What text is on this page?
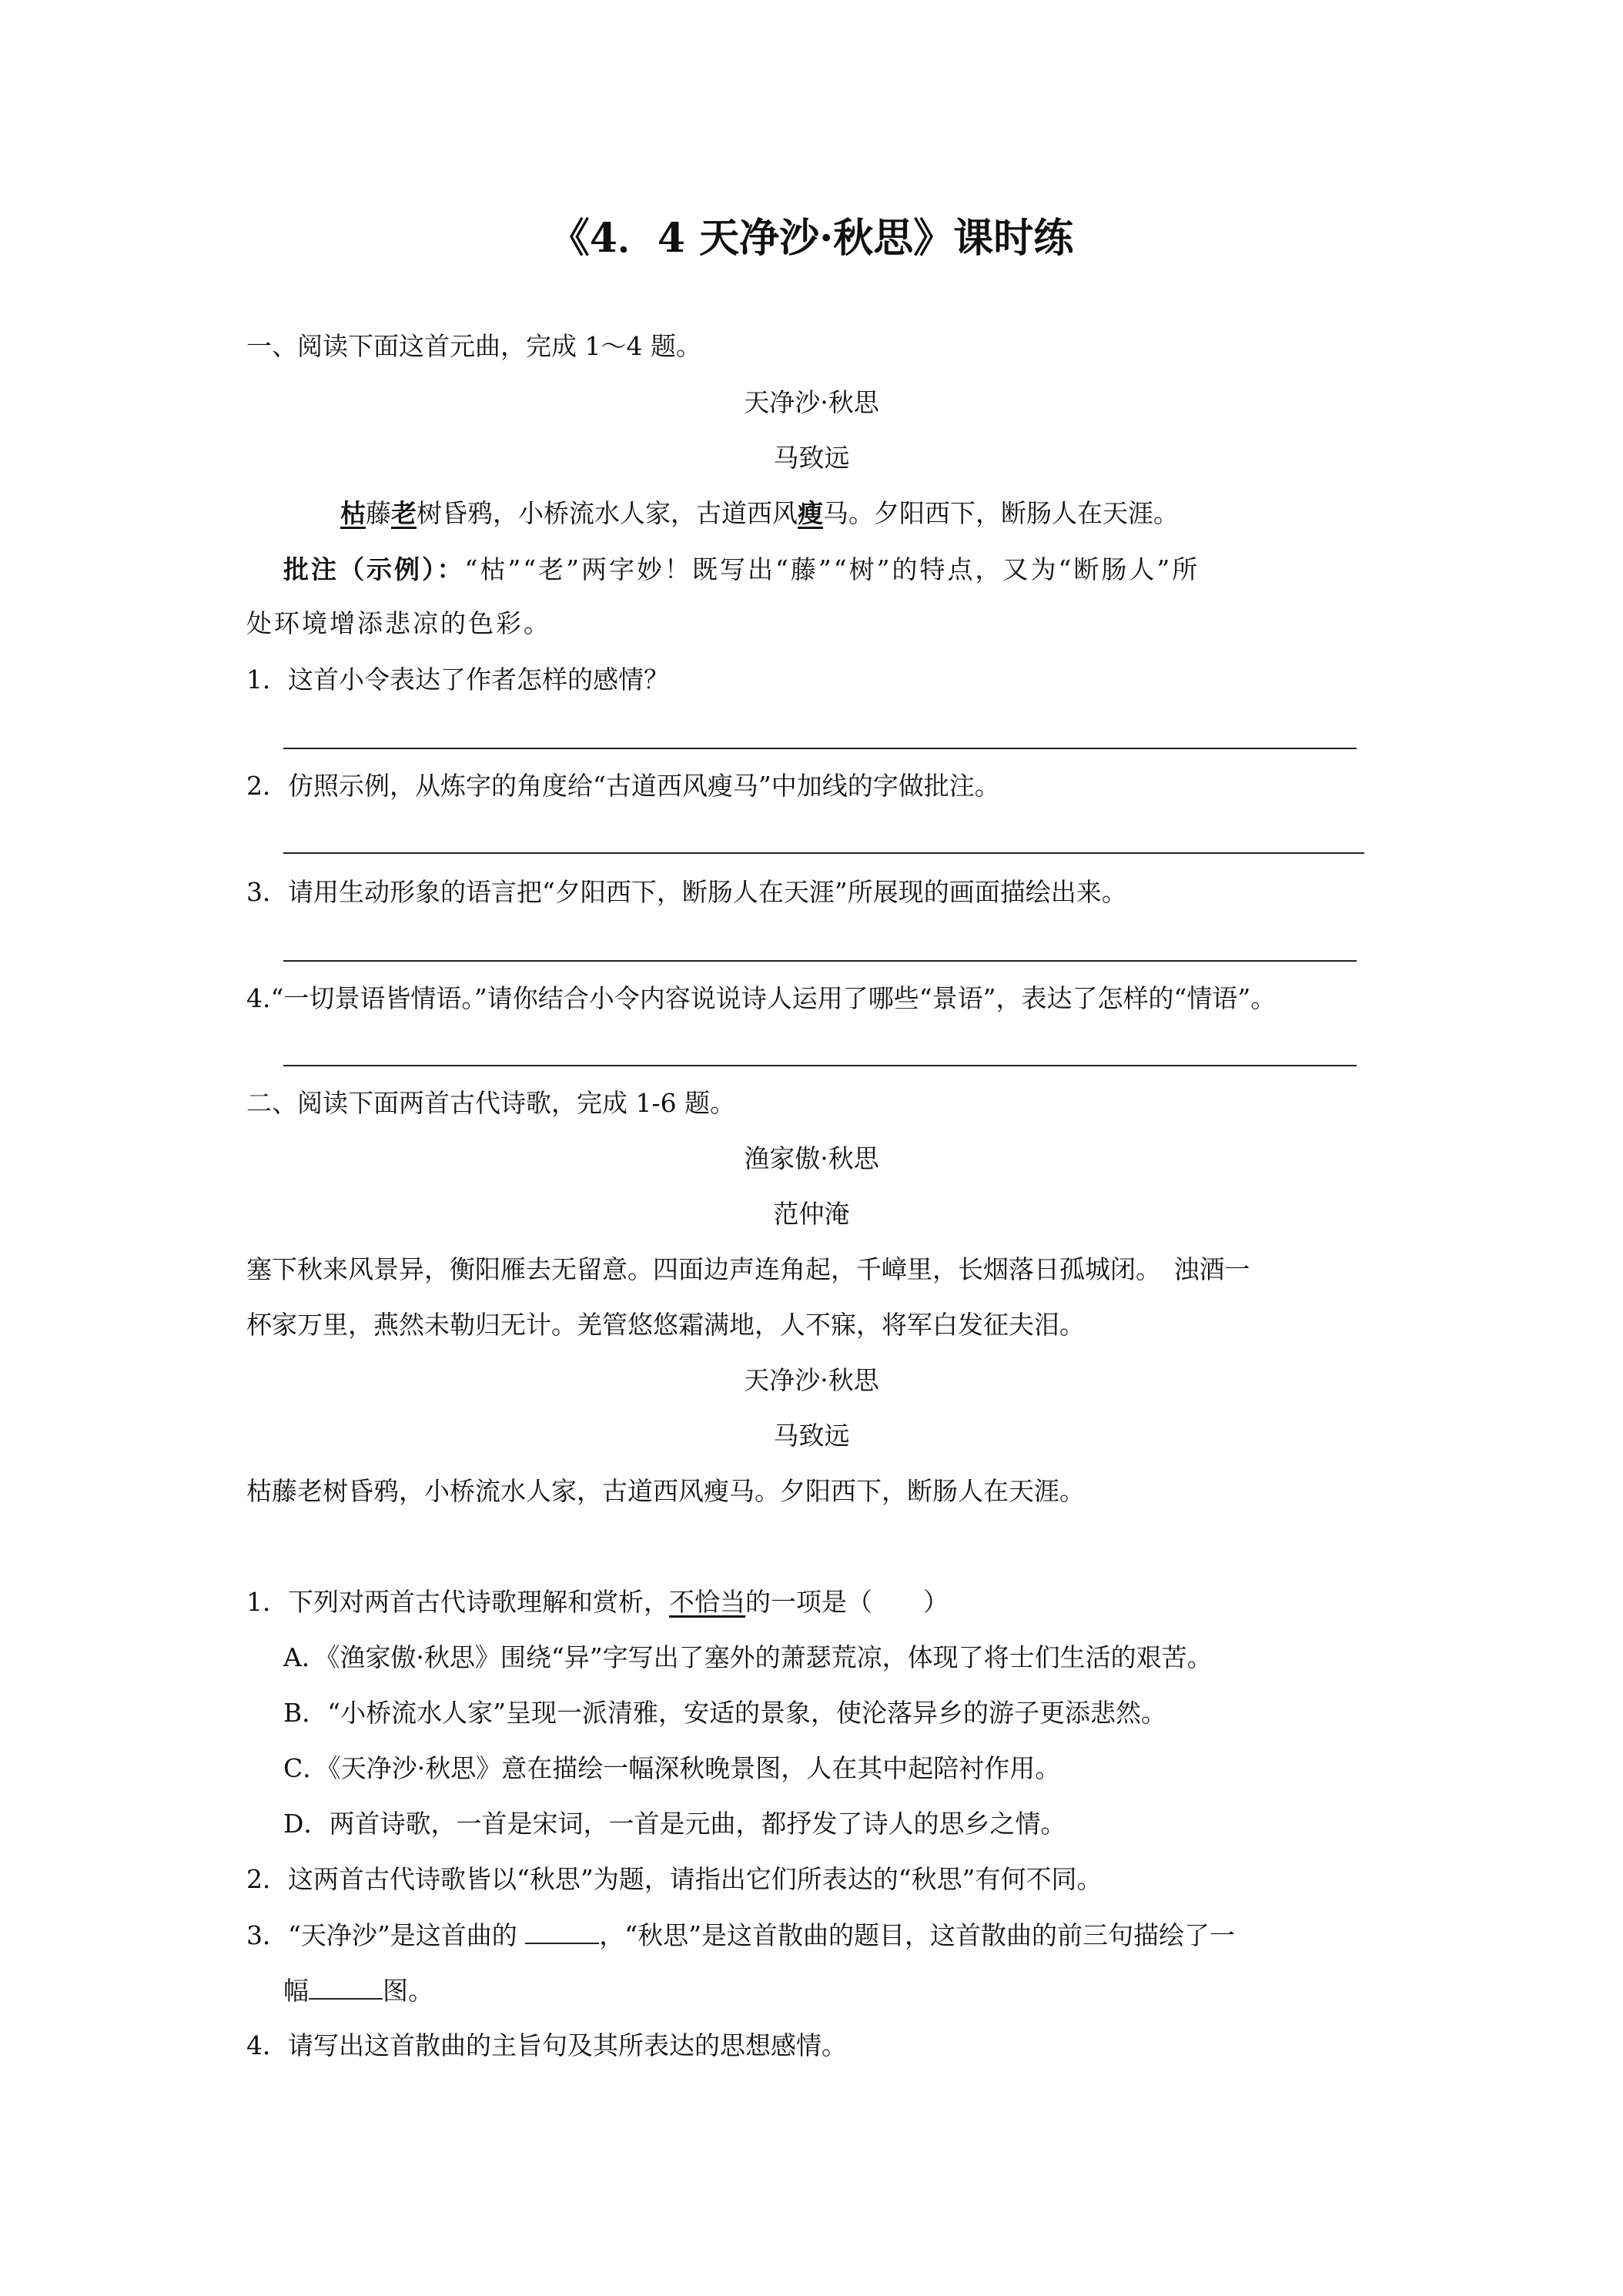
《4．4 天净沙·秋思》课时练
一、阅读下面这首元曲，完成 1～4 题。
天净沙·秋思
马致远
枯藤老树昏鸦，小桥流水人家，古道西风瘦马。夕阳西下，断肠人在天涯。
批注（示例）：“枯”“老”两字妙！既写出“藤”“树”的特点，又为“断肠人”所
处环境增添悲凉的色彩。
1．这首小令表达了作者怎样的感情？
2．仿照示例，从炼字的角度给“古道西风瘦马”中加线的字做批注。
3．请用生动形象的语言把“夕阳西下，断肠人在天涯”所展现的画面描绘出来。
4.“一切景语皆情语。”请你结合小令内容说说诗人运用了哪些“景语”，表达了怎样的“情语”。
二、阅读下面两首古代诗歌，完成 1-6 题。
渔家傲·秋思
范仲淹
塞下秋来风景异，衡阳雁去无留意。四面边声连角起，千嶂里，长烟落日孤城闭。　浊酒一
杯家万里，燕然未勒归无计。羌管悠悠霜满地，人不寐，将军白发征夫泪。
天净沙·秋思
马致远
枯藤老树昏鸦，小桥流水人家，古道西风瘦马。夕阳西下，断肠人在天涯。
1．下列对两首古代诗歌理解和赏析，不恰当的一项是（　　）
A．《渔家傲·秋思》围绕“异”字写出了塞外的萧瑟荒凉，体现了将士们生活的艰苦。
B．“小桥流水人家”呈现一派清雅，安适的景象，使沦落异乡的游子更添悲然。
C．《天净沙·秋思》意在描绘一幅深秋晚景图，人在其中起陪衬作用。
D．两首诗歌，一首是宋词，一首是元曲，都抒发了诗人的思乡之情。
2．这两首古代诗歌皆以“秋思”为题，请指出它们所表达的“秋思”有何不同。
3．“天净沙”是这首曲的	，“秋思”是这首散曲的题目，这首散曲的前三句描绘了一
幅	图。
4．请写出这首散曲的主旨句及其所表达的思想感情。
